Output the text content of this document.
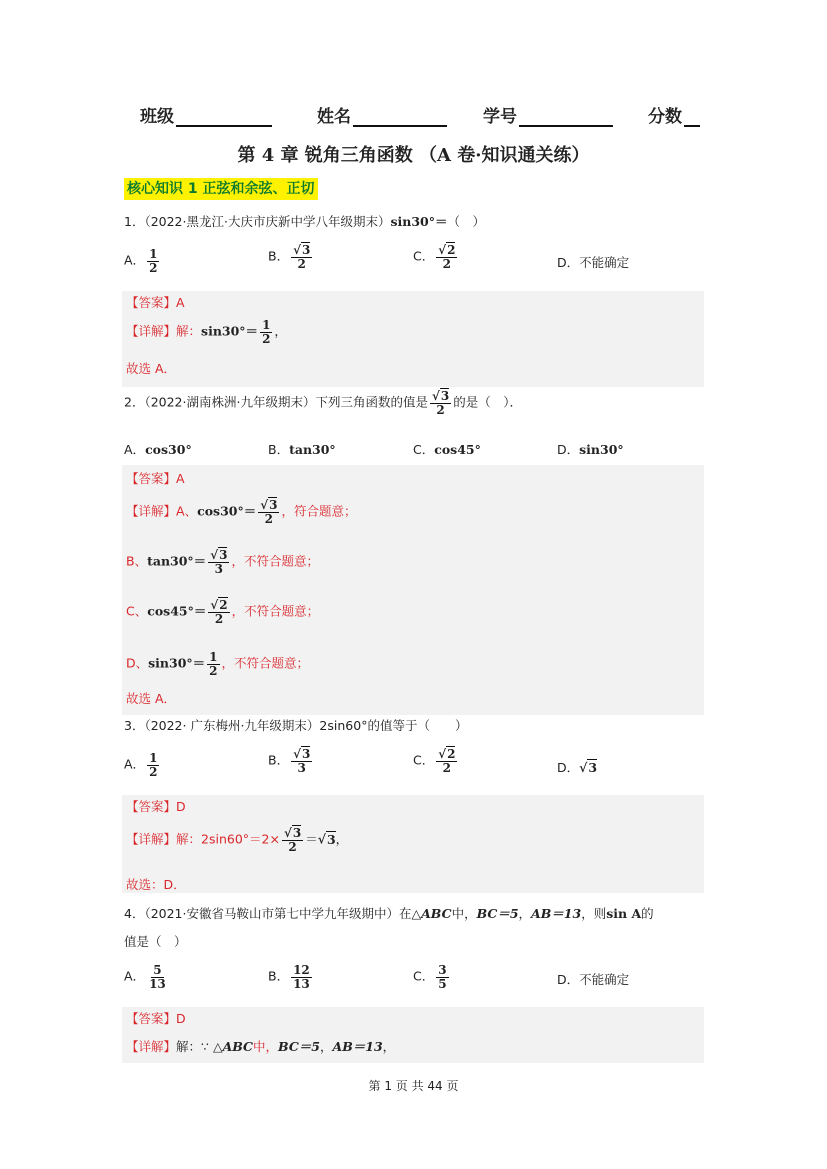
班级	姓名	学号	分数
第 4 章 锐角三角函数 （A 卷·知识通关练）
核心知识 1 正弦和余弦、正切
1．（2022·黑龙江·大庆市庆新中学八年级期末）sin30°＝（　）
A． $\frac{1}{2}$	B． $\frac{√3}{2}$	C． $\frac{√2}{2}$	D．不能确定
【答案】A
【详解】解：$\sin 30^\circ= \frac{1}{2}$ ，
故选 A．
2．（2022·湖南株洲·九年级期末）下列三角函数的值是 $\frac{√3}{2}$ 的是（　）．
A．cos30°	B．tan30°	C．cos45°	D．sin30°
【答案】A
【详解】A、$\cos 30^\circ= \frac{√3}{2}$ ，符合题意；
B、$\tan 30^\circ= \frac{√3}{3}$ ，不符合题意；
C、$\cos 45^\circ= \frac{√2}{2}$ ，不符合题意；
D、$\sin 30^\circ= \frac{1}{2}$ ，不符合题意；
故选 A．
3．（2022· 广东梅州·九年级期末）2sin60°的值等于（　　）
A． $\frac{1}{2}$	B． $\frac{√3}{3}$	C． $\frac{√2}{2}$	D．√3
【答案】D
【详解】解：$2\sin 60^\circ=2\times \frac{√3}{2} =√3$，
故选：D．
4．（2021·安徽省马鞍山市第七中学九年级期中）在△ABC中，BC＝5，AB＝13，则sin A的
值是（　）
A． $\frac{5}{13}$	B． $\frac{12}{13}$	C． $\frac{3}{5}$	D．不能确定
【答案】D
【详解】解：∵ △ABC中，BC＝5，AB＝13，
第 1 页 共 44 页
